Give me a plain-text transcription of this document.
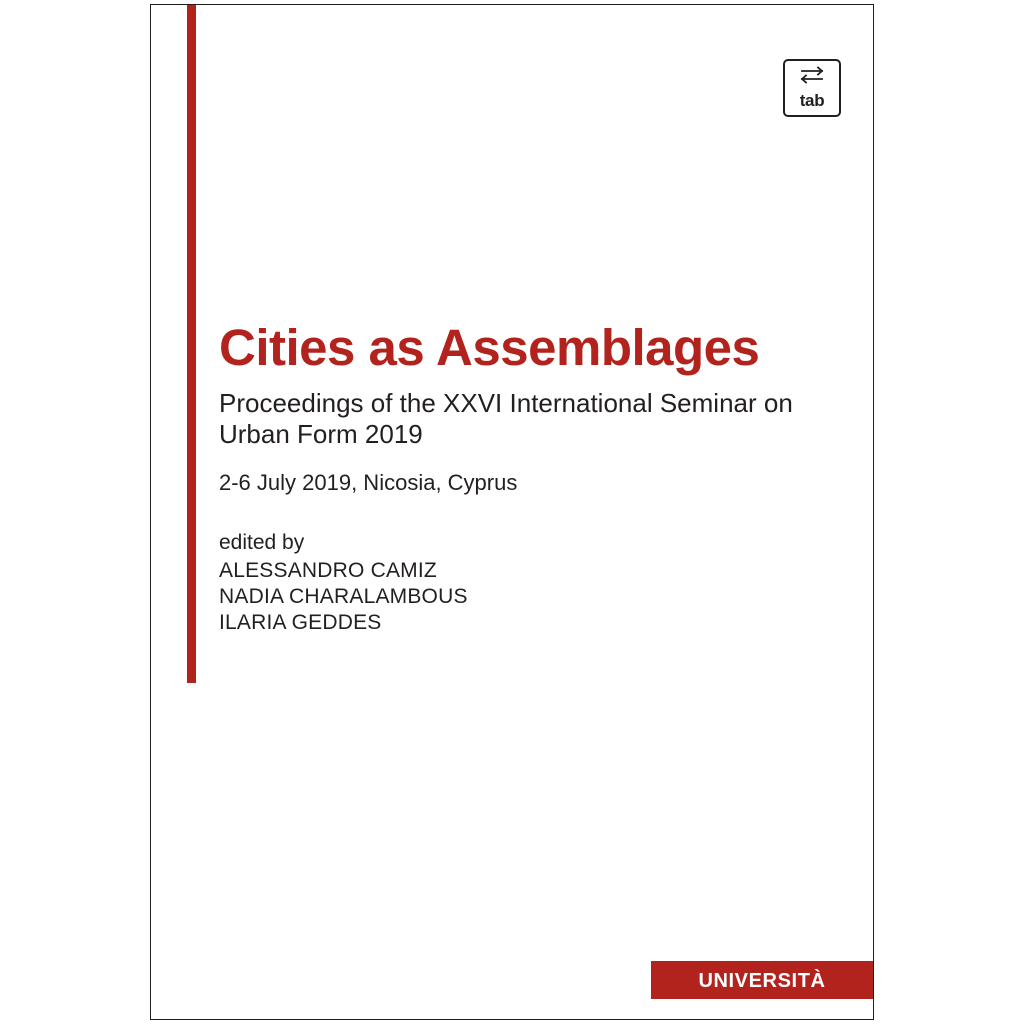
tab
Cities as Assemblages

Proceedings of the XXVI International Seminar on Urban Form 2019

2-6 July 2019, Nicosia, Cyprus

edited by

ALESSANDRO CAMIZ

NADIA CHARALAMBOUS

ILARIA GEDDES

UNIVERSITÀ
